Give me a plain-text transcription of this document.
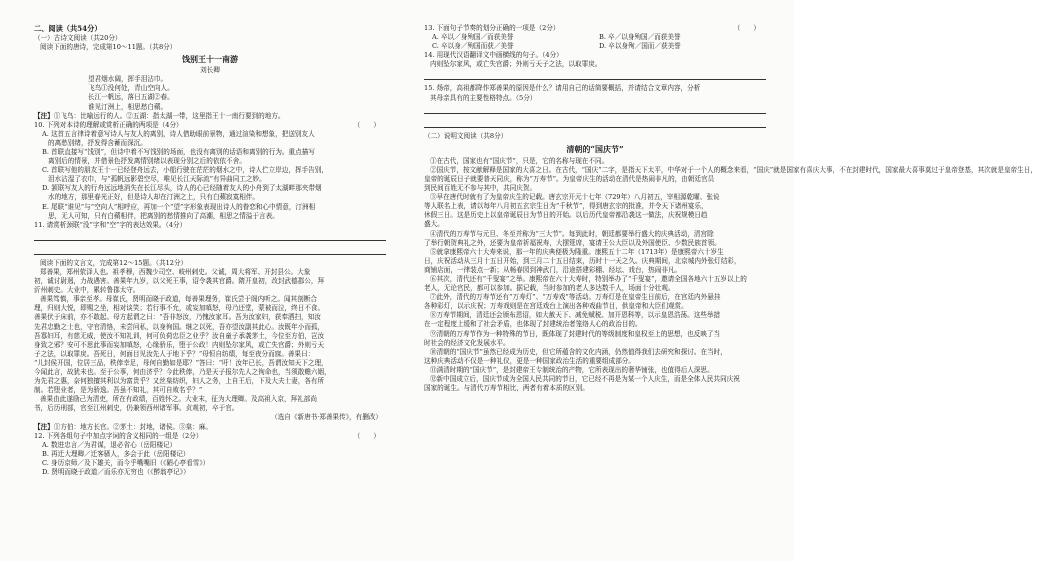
二、阅读（共54分）
（一）古诗文阅读（共20分）
阅读下面的唐诗，完成第10～11题。（共8分）
饯别王十一南游
刘长卿
望君烟水阔，挥手泪沾巾。
飞鸟①没何处，青山空向人。
长江一帆远，落日五湖②春。
谁见汀洲上，相思愁白蘋。
【注】①飞鸟：比喻远行的人。②五湖：指太湖一带，这里指王十一南行要到的地方。
10. 下列对本诗的理解或赏析正确的两项是（4分）	（　　）
A. 这首五言律诗着意写诗人与友人的离别，诗人借助眼前景物，通过渲染和想象，把送别友人
的离愁别绪，抒发得含蓄而深沉。
B. 首联直接写“饯别”，但诗中着不写饯别的场面，也没有离别的话语和离别的行为。重点描写
离别后的情景，并借景色抒发离情别绪以表现分别之后的依依不舍。
C. 首联写他的朋友王十一已经登舟远去，小船行驶在茫茫的烟水之中，诗人伫立岸边，挥手告别，
泪水沾湿了衣巾，与“孤帆远影碧空尽，唯见长江天际流”有异曲同工之妙。
D. 颔联写友人的行舟远远地消失在长江尽头，诗人的心已经随着友人的小舟到了太湖畔那夹带烟
水的地方，那里春光正好，但是诗人却在汀洲之上，只有白蘋寂寞相伴。
E. 尾联“谁见”与“空向人”相呼应，再加一个“望”字形象表现出诗人的眷恋和心中情意，汀洲相
思，无人可知，只有白蘋相伴，把离别的愁情推向了高潮，相思之情溢于言表。
11. 请赏析颈联“没”字和“空”字的表达效果。（4分）
阅读下面的文言文，完成第12～15题。（共12分）
郑善果，郑州荥泽人也。祖孝穆，西魏少司空、岐州刺史。父诚，周大将军、开封县公。大象
初，诚讨尉迥，力战遇害。善果年九岁，以父死王事，诏令袭其官爵。隋开皇初，改封武德郡公，拜
沂州刺史。大业中，累转鲁郡太守。
善果笃慎，事亲至孝。母崔氏，贤明而晓于政道，每善果理务，崔氏尝于阁内听之。闻其剖断合
理，归则大悦，即赐之坐，相对谈笑；若行事不允，或妄加嗔怒，母乃还堂，蒙被而泣，终日不食。
善果伏于床前，亦不敢起。母方起谓之曰：“吾非怒汝，乃愧汝家耳。吾为汝家妇，获奉洒扫，知汝
先君忠勤之士也，守官清恪，未尝问私，以身徇国。继之以死，吾亦望汝副其此心。汝既年小而孤，
吾寡妇耳，有慈无威，使汝不知礼训，何可负荷忠臣之业乎？汝自童子承袭茅土，今位至方伯，岂汝
身致之邪？安可不思此事而妄加嗔怒，心缘骄乐，堕于公政！内则坠尔家风，或亡失官爵；外则亏天
子之法，以取罪戾。吾死日，何面目见汝先人于地下乎？”母恒自纺绩，每至夜分而寐。善果曰：
“儿封侯开国，位居三品，秩俸幸足，母何自勤如是耶？”答曰：“吁！汝年已长，吾谓汝知天下之理，
今闻此言，故犹未也。至于公事，何由济乎？今此秩俸，乃是天子报尔先人之徇命也，当须散赡六姻，
为先君之惠，奈何独擅其利以为富贵乎？又丝枲纺织，妇人之务，上自王后，下及大夫士妻，各有所
制。若堕业者，是为骄逸。吾虽不知礼，其可自败名乎？”
善果由此遂励己为清吏，所在有政绩，百姓怀之。大业末，征为大理卿。及高祖入京，拜礼部尚
书，后历刑部，官至江州刺史，仍兼领西州诸军事。贞观初，卒于官。
（选自《新唐书·郑善果传》，有删改）
【注】①方伯：地方长官。②茅土：封地，诸侯。③枲：麻。
12. 下列各组句子中加点字词的含义相同的一组是（2分）	（　　）
A. 数进忠言／为君谋，退必省心（岳阳楼记）
B. 再迁大理卿／迁客骚人，多会于此（岳阳楼记）
C. 身历京师／及下雄关，而今乎嘴嘴旧（《陋心亭看雪》）
D. 贤明而晓于政道／而乐亦无穷也（《醉翁亭记》）
13. 下面句子节奏的划分正确的一项是（2分）	（　　）
A. 卒以／身殉国／而获美誉	B. 卒／以身殉国／而获美誉
C. 卒以身／殉国而获／美誉	D. 卒以身殉／国而／获美誉
14. 用现代汉语翻译文中画横线的句子。（4分）
内则坠尔家风，或亡失官爵；外则亏天子之法，以取罪戾。
15. 炀帝，高祖都降作郑善果的原因是什么？请用自己的话简要概括，并请结合文章内容，分析
其母亲具有的主要性格特点。（5分）
（二）说明文阅读（共8分）
清朝的“国庆节”
①在古代，国家也有“国庆节”，只是，它的名称与现在不同。
②国庆节，按文献解释是国家的大喜之日。在古代，“国庆”二字，是指天下太平，中华对于一个人的概念来看，“国庆”就是国家有喜庆大事，不在封建时代，国家最大喜事莫过于皇帝登基，其次就是皇帝生日，
皇帝的诞辰日子就要普天同庆，称为“万寿节”。为皇帝庆生的活动在清代是热闹非凡的，由朝廷官员
到民间百姓无不参与其中，共同庆贺。
③早在唐代时就有了为皇帝庆生的记载。唐玄宗开元十七年（729年）八月初五，宰相源乾曜、张说
等人联名上表，请以每年八月初五玄宗生日为“千秋节”，得到唐玄宗的批准，并令天下诸州宴乐，
休假三日。这是历史上以皇帝诞辰日为节日的开始。以后历代皇帝都沿袭这一做法，庆祝规模日趋
盛大。
④清代的万寿节与元旦、冬至并称为“三大节”。每到此时，朝廷都要举行盛大的庆典活动，清宫除
了举行朝贺典礼之外，还要为皇帝祈福祝寿，大摆筵席，宴请王公大臣以及外国使臣、少数民族首领。
⑤就拿康熙帝六十大寿来说，那一年的庆典便极为隆重。康熙五十二年（1713年）是康熙帝六十岁生
日，庆祝活动从三月十五日开始，到三月二十五日结束，历时十一天之久。庆典期间，北京城内外张灯结彩，
商铺店面，一律装点一新；从畅春园到神武门，沿途搭建彩棚、经坛、戏台，热闹非凡。
⑥其次，清代还有“千叟宴”之举。康熙帝在六十大寿时，特别举办了“千叟宴”，邀请全国各地六十五岁以上的
老人，无论官民，都可以参加。据记载，当时参加的老人多达数千人，场面十分壮观。
⑦此外，清代的万寿节还有“万寿灯”、“万寿戏”等活动。万寿灯是在皇帝生日前后，在宫廷内外悬挂
各种彩灯，以示庆祝；万寿戏则是在宫廷戏台上演出各种戏曲节目，供皇帝和大臣们观赏。
⑧万寿节期间，清廷还会颁布恩诏，如大赦天下、减免赋税、加开恩科等，以示皇恩浩荡。这些举措
在一定程度上缓和了社会矛盾，也体现了封建统治者笼络人心的政治目的。
⑨清朝的万寿节作为一种特殊的节日，既体现了封建时代的等级制度和皇权至上的思想，也反映了当
时社会的经济文化发展水平。
⑩清朝的“国庆节”虽然已经成为历史，但它所蕴含的文化内涵，仍然值得我们去研究和探讨。在当时，
这种庆典活动不仅是一种礼仪，更是一种国家政治生活的重要组成部分。
⑪满清时期的“国庆节”，是封建帝王专制统治的产物，它所表现出的奢华铺张，也值得后人深思。
⑫新中国成立后，国庆节成为全国人民共同的节日，它已经不再是为某一个人庆生，而是全体人民共同庆祝
国家的诞生。与清代万寿节相比，两者有着本质的区别。
